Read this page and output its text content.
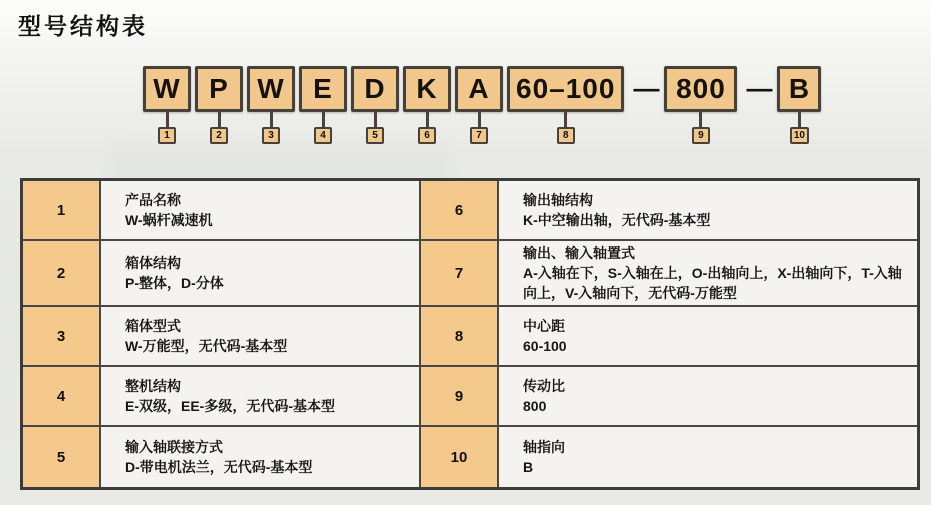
型号结构表
W
1
P
2
W
3
E
4
D
5
K
6
A
7
60–100
8
— 800
9
— B
10
1
产品名称
W-蜗杆减速机
6
输出轴结构
K-中空输出轴，无代码-基本型
2
箱体结构
P-整体，D-分体
7
输出、输入轴置式
A-入轴在下，S-入轴在上，O-出轴向上，X-出轴向下，T-入轴向上，V-入轴向下，无代码-万能型
3
箱体型式
W-万能型，无代码-基本型
8
中心距
60-100
4
整机结构
E-双级，EE-多级，无代码-基本型
9
传动比
800
5
输入轴联接方式
D-带电机法兰，无代码-基本型
10
轴指向
B
